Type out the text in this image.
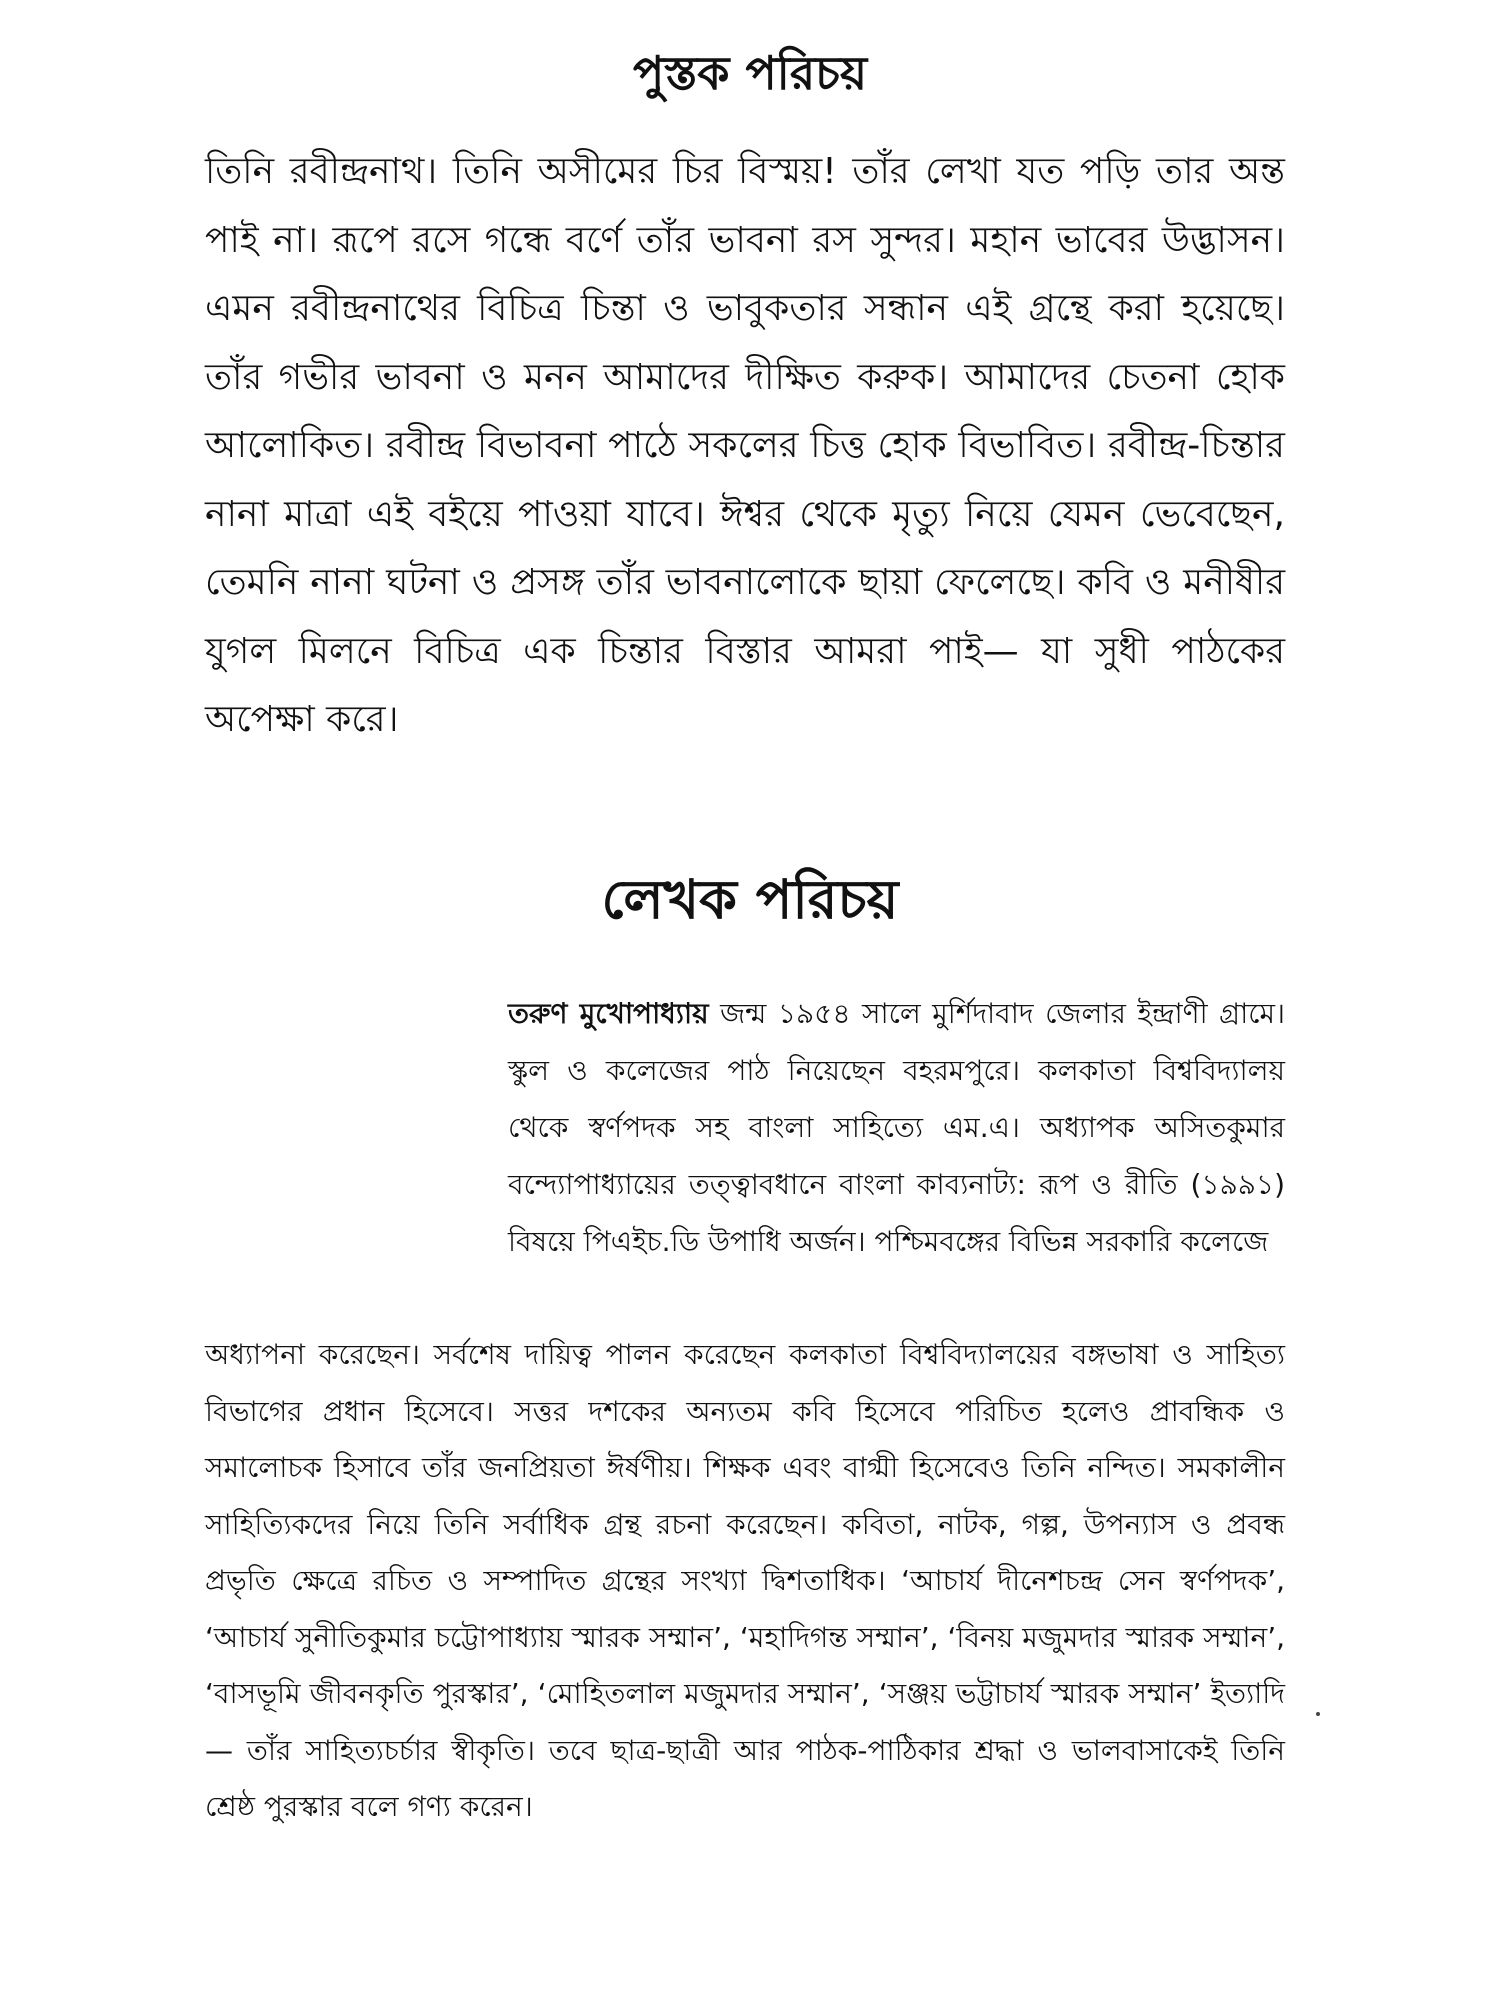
পুস্তক পরিচয়

তিনি রবীন্দ্রনাথ। তিনি অসীমের চির বিস্ময়! তাঁর লেখা যত পড়ি তার অন্ত পাই না। রূপে রসে গন্ধে বর্ণে তাঁর ভাবনা রস সুন্দর। মহান ভাবের উদ্ভাসন। এমন রবীন্দ্রনাথের বিচিত্র চিন্তা ও ভাবুকতার সন্ধান এই গ্রন্থে করা হয়েছে। তাঁর গভীর ভাবনা ও মনন আমাদের দীক্ষিত করুক। আমাদের চেতনা হোক আলোকিত। রবীন্দ্র বিভাবনা পাঠে সকলের চিত্ত হোক বিভাবিত। রবীন্দ্র-চিন্তার নানা মাত্রা এই বইয়ে পাওয়া যাবে। ঈশ্বর থেকে মৃত্যু নিয়ে যেমন ভেবেছেন, তেমনি নানা ঘটনা ও প্রসঙ্গ তাঁর ভাবনালোকে ছায়া ফেলেছে। কবি ও মনীষীর যুগল মিলনে বিচিত্র এক চিন্তার বিস্তার আমরা পাই— যা সুধী পাঠকের অপেক্ষা করে।

লেখক পরিচয়

তরুণ মুখোপাধ্যায় জন্ম ১৯৫৪ সালে মুর্শিদাবাদ জেলার ইন্দ্রাণী গ্রামে। স্কুল ও কলেজের পাঠ নিয়েছেন বহরমপুরে। কলকাতা বিশ্ববিদ্যালয় থেকে স্বর্ণপদক সহ বাংলা সাহিত্যে এম.এ। অধ্যাপক অসিতকুমার বন্দ্যোপাধ্যায়ের তত্ত্বাবধানে বাংলা কাব্যনাট্য: রূপ ও রীতি (১৯৯১) বিষয়ে পিএইচ.ডি উপাধি অর্জন। পশ্চিমবঙ্গের বিভিন্ন সরকারি কলেজে

অধ্যাপনা করেছেন। সর্বশেষ দায়িত্ব পালন করেছেন কলকাতা বিশ্ববিদ্যালয়ের বঙ্গভাষা ও সাহিত্য বিভাগের প্রধান হিসেবে। সত্তর দশকের অন্যতম কবি হিসেবে পরিচিত হলেও প্রাবন্ধিক ও সমালোচক হিসাবে তাঁর জনপ্রিয়তা ঈর্ষণীয়। শিক্ষক এবং বাগ্মী হিসেবেও তিনি নন্দিত। সমকালীন সাহিত্যিকদের নিয়ে তিনি সর্বাধিক গ্রন্থ রচনা করেছেন। কবিতা, নাটক, গল্প, উপন্যাস ও প্রবন্ধ প্রভৃতি ক্ষেত্রে রচিত ও সম্পাদিত গ্রন্থের সংখ্যা দ্বিশতাধিক। ‘আচার্য দীনেশচন্দ্র সেন স্বর্ণপদক’, ‘আচার্য সুনীতিকুমার চট্টোপাধ্যায় স্মারক সম্মান’, ‘মহাদিগন্ত সম্মান’, ‘বিনয় মজুমদার স্মারক সম্মান’, ‘বাসভূমি জীবনকৃতি পুরস্কার’, ‘মোহিতলাল মজুমদার সম্মান’, ‘সঞ্জয় ভট্টাচার্য স্মারক সম্মান’ ইত্যাদি — তাঁর সাহিত্যচর্চার স্বীকৃতি। তবে ছাত্র-ছাত্রী আর পাঠক-পাঠিকার শ্রদ্ধা ও ভালবাসাকেই তিনি শ্রেষ্ঠ পুরস্কার বলে গণ্য করেন।
